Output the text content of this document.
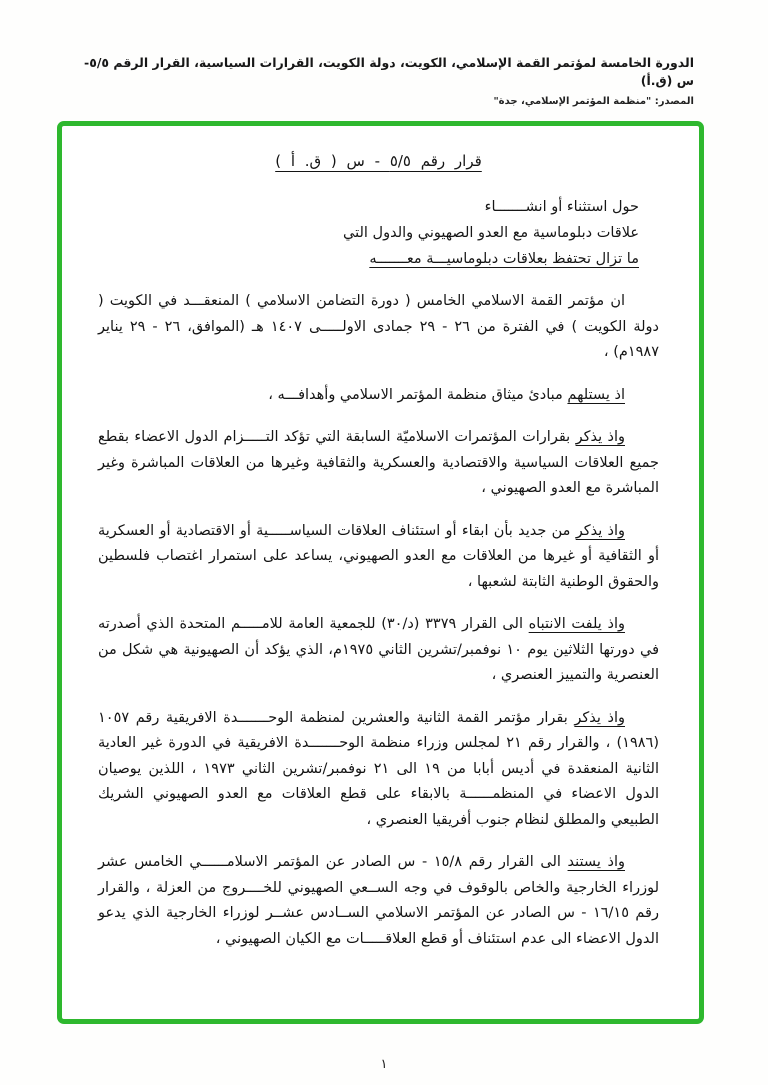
الدورة الخامسة لمؤتمر القمة الإسلامي، الكويت، دولة الكويت، القرارات السياسية، القرار الرقم ٥/٥-س (ق.أ)
المصدر: "منظمة المؤتمر الإسلامي، جدة"
قرار رقم ٥/٥ - س ( ق. أ )
حول استثناء أو انشـــــــاء
علاقات دبلوماسية مع العدو الصهيوني والدول التي
ما تزال تحتفظ بعلاقات دبلوماسيـــة معـــــــه

ان مؤتمر القمة الاسلامي الخامس ( دورة التضامن الاسلامي ) المنعقـــد في الكويت ( دولة الكويت ) في الفترة من ٢٦ - ٢٩ جمادى الاولـــــى ١٤٠٧ هـ (الموافق، ٢٦ - ٢٩ يناير ١٩٨٧م) ،

اذ يستلهم مبادئ ميثاق منظمة المؤتمر الاسلامي وأهدافـــه ،

واذ يذكر بقرارات المؤتمرات الاسلاميّة السابقة التي تؤكد التـــــزام الدول الاعضاء بقطع جميع العلاقات السياسية والاقتصادية والعسكرية والثقافية وغيرها من العلاقات المباشرة وغير المباشرة مع العدو الصهيوني ،

واذ يذكر من جديد بأن ابقاء أو استئناف العلاقات السياســـــية أو الاقتصادية أو العسكرية أو الثقافية أو غيرها من العلاقات مع العدو الصهيوني، يساعد على استمرار اغتصاب فلسطين والحقوق الوطنية الثابتة لشعبها ،

واذ يلفت الانتباه الى القرار ٣٣٧٩ (د/٣٠) للجمعية العامة للامـــــم المتحدة الذي أصدرته في دورتها الثلاثين يوم ١٠ نوفمبر/تشرين الثاني ١٩٧٥م، الذي يؤكد أن الصهيونية هي شكل من العنصرية والتمييز العنصري ،

واذ يذكر بقرار مؤتمر القمة الثانية والعشرين لمنظمة الوحـــــــدة الافريقية رقم ١٠٥٧ (١٩٨٦) ، والقرار رقم ٢١ لمجلس وزراء منظمة الوحـــــــدة الافريقية في الدورة غير العادية الثانية المنعقدة في أديس أبابا من ١٩ الى ٢١ نوفمبر/تشرين الثاني ١٩٧٣ ، اللذين يوصيان الدول الاعضاء في المنظمــــــة بالابقاء على قطع العلاقات مع العدو الصهيوني الشريك الطبيعي والمطلق لنظام جنوب أفريقيا العنصري ،

واذ يستند الى القرار رقم ١٥/٨ - س الصادر عن المؤتمر الاسلامــــــي الخامس عشر لوزراء الخارجية والخاص بالوقوف في وجه الســعي الصهيوني للخــــروج من العزلة ، والقرار رقم ١٦/١٥ - س الصادر عن المؤتمر الاسلامي الســادس عشــر لوزراء الخارجية الذي يدعو الدول الاعضاء الى عدم استئناف أو قطع العلاقـــــات مع الكيان الصهيوني ،

١
